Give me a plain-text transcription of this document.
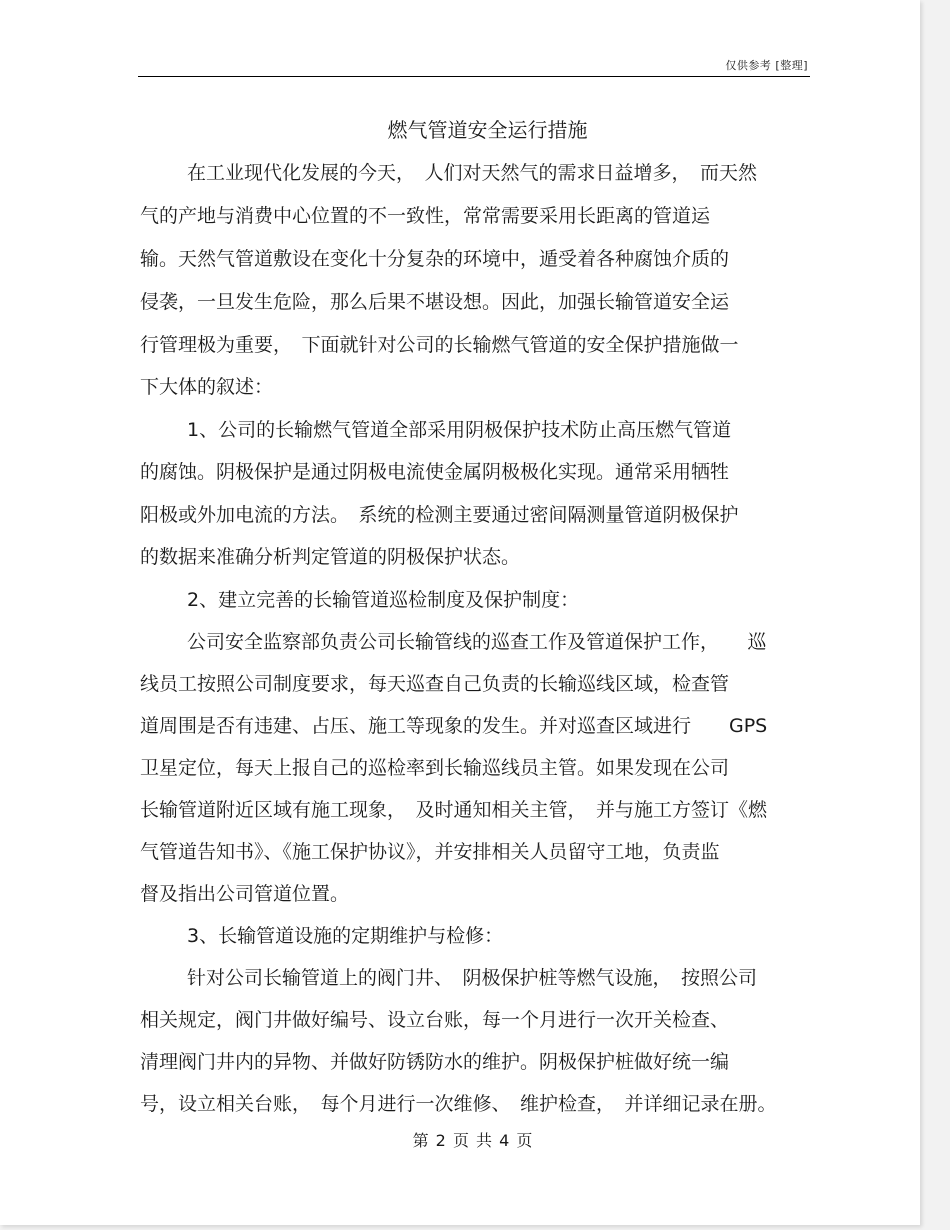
仅供参考 [整理]
燃气管道安全运行措施
在工业现代化发展的今天，　人们对天然气的需求日益增多，　而天然
气的产地与消费中心位置的不一致性，常常需要采用长距离的管道运
输。天然气管道敷设在变化十分复杂的环境中，遁受着各种腐蚀介质的
侵袭，一旦发生危险，那么后果不堪设想。因此，加强长输管道安全运
行管理极为重要，　下面就针对公司的长输燃气管道的安全保护措施做一
下大体的叙述：
1、公司的长输燃气管道全部采用阴极保护技术防止高压燃气管道
的腐蚀。阴极保护是通过阴极电流使金属阴极极化实现。通常采用牺牲
阳极或外加电流的方法。　系统的检测主要通过密间隔测量管道阴极保护
的数据来准确分析判定管道的阴极保护状态。
2、建立完善的长输管道巡检制度及保护制度：
公司安全监察部负责公司长输管线的巡查工作及管道保护工作，　　巡
线员工按照公司制度要求，每天巡查自己负责的长输巡线区域，检查管
道周围是否有违建、占压、施工等现象的发生。并对巡查区域进行　　GPS
卫星定位，每天上报自己的巡检率到长输巡线员主管。如果发现在公司
长输管道附近区域有施工现象，　及时通知相关主管，　并与施工方签订《燃
气管道告知书》、《施工保护协议》，并安排相关人员留守工地，负责监
督及指出公司管道位置。
3、长输管道设施的定期维护与检修：
针对公司长输管道上的阀门井、　阴极保护桩等燃气设施，　按照公司
相关规定，阀门井做好编号、设立台账，每一个月进行一次开关检查、
清理阀门井内的异物、并做好防锈防水的维护。阴极保护桩做好统一编
号，设立相关台账，　每个月进行一次维修、　维护检查，　并详细记录在册。
第 2 页 共 4 页
